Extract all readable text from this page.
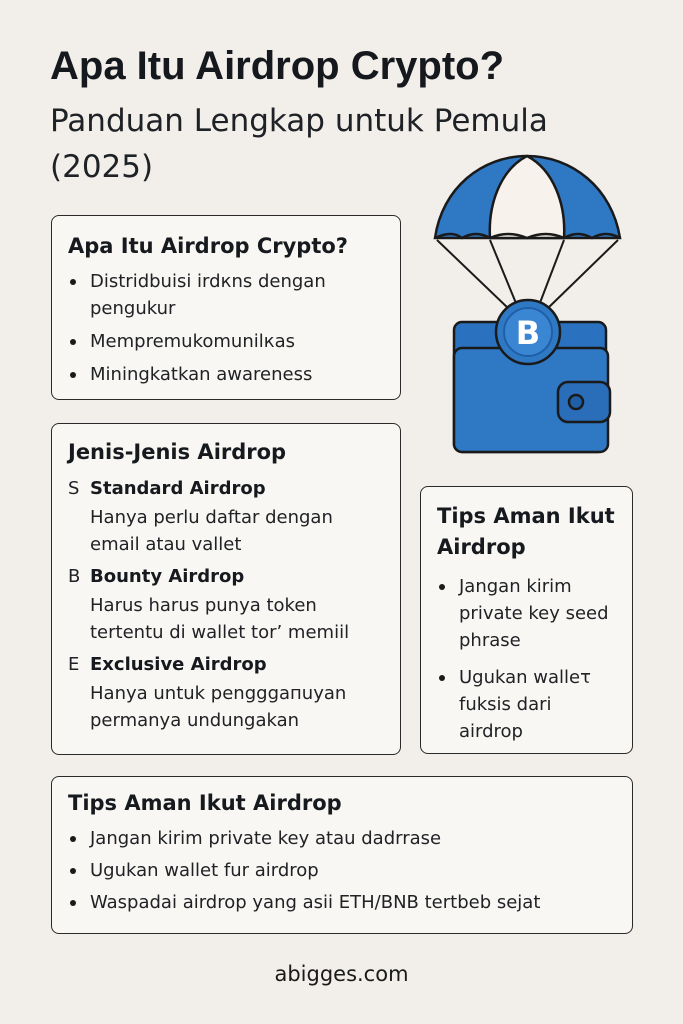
Apa Itu Airdrop Crypto?
Panduan Lengkap untuk Pemula (2025)
B
Apa Itu Airdrop Crypto?
Distridbuisi irdкns dengan pengukur
Mempremukomunilкas
Miningkatkan awareness
Jenis-Jenis Airdrop
S Standard Airdrop
Hanya perlu daftar dengan email atau vallet
B Bounty Airdrop
Harus harus punya token tertentu di wallet tor’ memiil
E Exclusive Airdrop
Hanya untuk pengggaпuyan permanya undungakan
Tips Aman Ikut Airdrop
Jangan kirim private key seed phrase
Ugukan walleτ fuksis dari airdrop
Tips Aman Ikut Airdrop
Jangan kirim private key atau dadrrase
Ugukan wallet fur airdrop
Waspadai airdrop yang asii ETH/BNB tertbeb sejat
abigges.com
